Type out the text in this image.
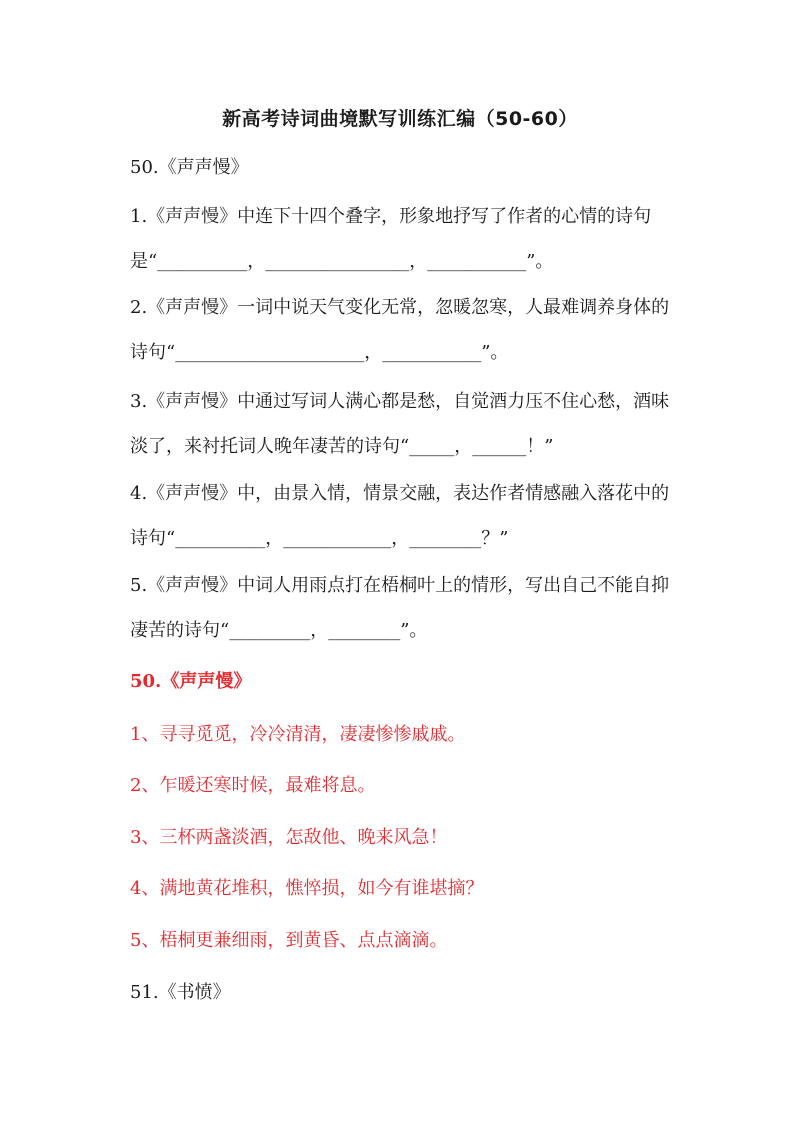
新高考诗词曲境默写训练汇编（50-60）

50.《声声慢》

1.《声声慢》中连下十四个叠字，形象地抒写了作者的心情的诗句是“__________，________________，___________”。

2.《声声慢》一词中说天气变化无常，忽暖忽寒，人最难调养身体的诗句“_____________________，___________”。

3.《声声慢》中通过写词人满心都是愁，自觉酒力压不住心愁，酒味淡了，来衬托词人晚年凄苦的诗句“_____，______！”

4.《声声慢》中，由景入情，情景交融，表达作者情感融入落花中的诗句“__________，____________，________？”

5.《声声慢》中词人用雨点打在梧桐叶上的情形，写出自己不能自抑凄苦的诗句“_________，________”。

50.《声声慢》

1、寻寻觅觅，冷冷清清，凄凄惨惨戚戚。

2、乍暖还寒时候，最难将息。

3、三杯两盏淡酒，怎敌他、晚来风急！

4、满地黄花堆积，憔悴损，如今有谁堪摘？

5、梧桐更兼细雨，到黄昏、点点滴滴。

51.《书愤》
